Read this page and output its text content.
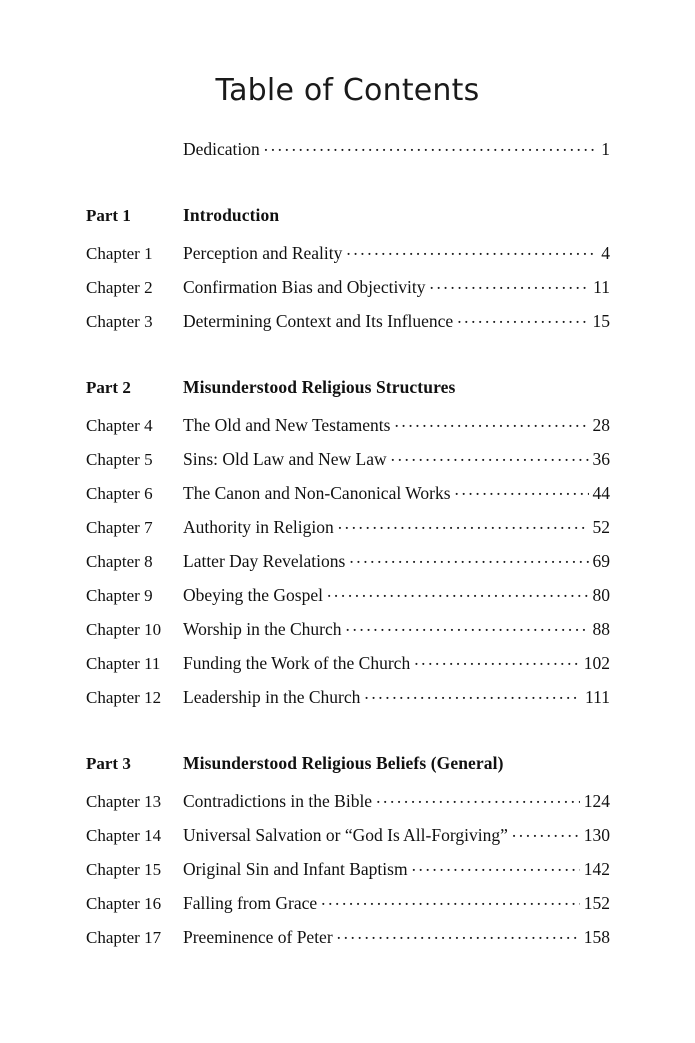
Table of Contents
Dedication . . .	1
Part 1	Introduction
Chapter 1	Perception and Reality . . .	4
Chapter 2	Confirmation Bias and Objectivity . . .	11
Chapter 3	Determining Context and Its Influence . . .	15
Part 2	Misunderstood Religious Structures
Chapter 4	The Old and New Testaments . . .	28
Chapter 5	Sins: Old Law and New Law . . .	36
Chapter 6	The Canon and Non-Canonical Works . . .	44
Chapter 7	Authority in Religion . . .	52
Chapter 8	Latter Day Revelations . . .	69
Chapter 9	Obeying the Gospel . . .	80
Chapter 10	Worship in the Church . . .	88
Chapter 11	Funding the Work of the Church . . .	102
Chapter 12	Leadership in the Church . . .	111
Part 3	Misunderstood Religious Beliefs (General)
Chapter 13	Contradictions in the Bible . . .	124
Chapter 14	Universal Salvation or “God Is All-Forgiving” . . .	130
Chapter 15	Original Sin and Infant Baptism . . .	142
Chapter 16	Falling from Grace . . .	152
Chapter 17	Preeminence of Peter . . .	158
